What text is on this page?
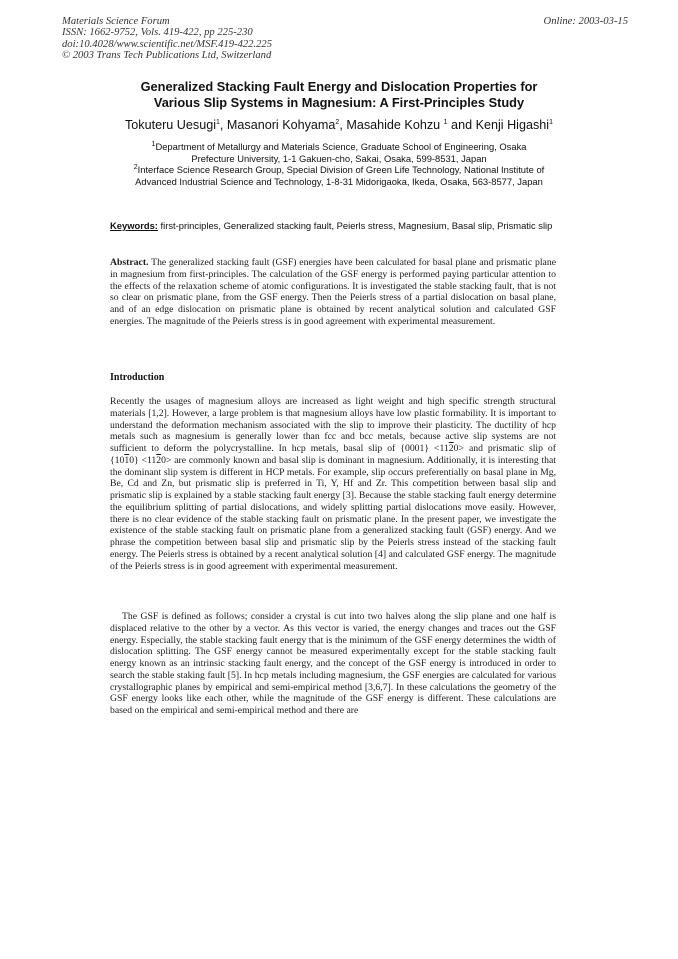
Materials Science Forum
ISSN: 1662-9752, Vols. 419-422, pp 225-230
doi:10.4028/www.scientific.net/MSF.419-422.225
© 2003 Trans Tech Publications Ltd, Switzerland
Online: 2003-03-15
Generalized Stacking Fault Energy and Dislocation Properties for
Various Slip Systems in Magnesium: A First-Principles Study
Tokuteru Uesugi$^1$, Masanori Kohyama$^2$, Masahide Kohzu $^1$ and Kenji Higashi$^1$
$^1$Department of Metallurgy and Materials Science, Graduate School of Engineering, Osaka
Prefecture University, 1-1 Gakuen-cho, Sakai, Osaka, 599-8531, Japan
$^2$Interface Science Research Group, Special Division of Green Life Technology, National Institute of
Advanced Industrial Science and Technology, 1-8-31 Midorigaoka, Ikeda, Osaka, 563-8577, Japan
Keywords: first-principles, Generalized stacking fault, Peierls stress, Magnesium, Basal slip, Prismatic slip
Abstract. The generalized stacking fault (GSF) energies have been calculated for basal plane and prismatic plane in magnesium from first-principles. The calculation of the GSF energy is performed paying particular attention to the effects of the relaxation scheme of atomic configurations. It is investigated the stable stacking fault, that is not so clear on prismatic plane, from the GSF energy. Then the Peierls stress of a partial dislocation on basal plane, and of an edge dislocation on prismatic plane is obtained by recent analytical solution and calculated GSF energies. The magnitude of the Peierls stress is in good agreement with experimental measurement.
Introduction
Recently the usages of magnesium alloys are increased as light weight and high specific strength structural materials [1,2]. However, a large problem is that magnesium alloys have low plastic formability. It is important to understand the deformation mechanism associated with the slip to improve their plasticity. The ductility of hcp metals such as magnesium is generally lower than fcc and bcc metals, because active slip systems are not sufficient to deform the polycrystalline. In hcp metals, basal slip of {0001} <1120> and prismatic slip of {1010} <1120> are commonly known and basal slip is dominant in magnesium. Additionally, it is interesting that the dominant slip system is different in HCP metals. For example, slip occurs preferentially on basal plane in Mg, Be, Cd and Zn, but prismatic slip is preferred in Ti, Y, Hf and Zr. This competition between basal slip and prismatic slip is explained by a stable stacking fault energy [3]. Because the stable stacking fault energy determine the equilibrium splitting of partial dislocations, and widely splitting partial dislocations move easily. However, there is no clear evidence of the stable stacking fault on prismatic plane. In the present paper, we investigate the existence of the stable stacking fault on prismatic plane from a generalized stacking fault (GSF) energy. And we phrase the competition between basal slip and prismatic slip by the Peierls stress instead of the stacking fault energy. The Peierls stress is obtained by a recent analytical solution [4] and calculated GSF energy. The magnitude of the Peierls stress is in good agreement with experimental measurement.
The GSF is defined as follows; consider a crystal is cut into two halves along the slip plane and one half is displaced relative to the other by a vector. As this vector is varied, the energy changes and traces out the GSF energy. Especially, the stable stacking fault energy that is the minimum of the GSF energy determines the width of dislocation splitting. The GSF energy cannot be measured experimentally except for the stable stacking fault energy known as an intrinsic stacking fault energy, and the concept of the GSF energy is introduced in order to search the stable staking fault [5]. In hcp metals including magnesium, the GSF energies are calculated for various crystallographic planes by empirical and semi-empirical method [3,6,7]. In these calculations the geometry of the GSF energy looks like each other, while the magnitude of the GSF energy is different. These calculations are based on the empirical and semi-empirical method and there are
